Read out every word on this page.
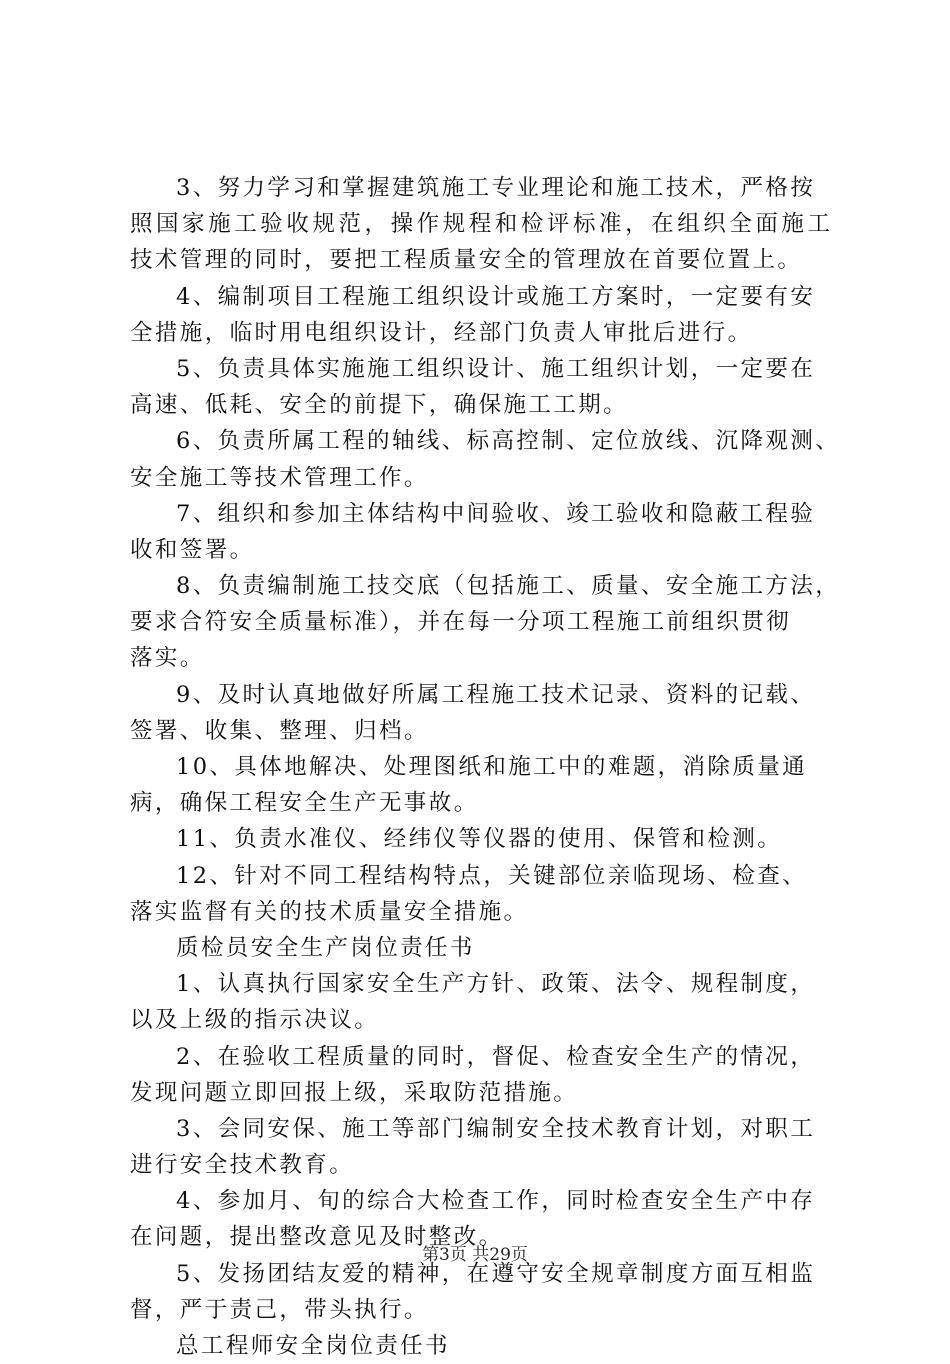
3、努力学习和掌握建筑施工专业理论和施工技术，严格按
照国家施工验收规范，操作规程和检评标准，在组织全面施工
技术管理的同时，要把工程质量安全的管理放在首要位置上。
4、编制项目工程施工组织设计或施工方案时，一定要有安
全措施，临时用电组织设计，经部门负责人审批后进行。
5、负责具体实施施工组织设计、施工组织计划，一定要在
高速、低耗、安全的前提下，确保施工工期。
6、负责所属工程的轴线、标高控制、定位放线、沉降观测、
安全施工等技术管理工作。
7、组织和参加主体结构中间验收、竣工验收和隐蔽工程验
收和签署。
8、负责编制施工技交底（包括施工、质量、安全施工方法，
要求合符安全质量标准），并在每一分项工程施工前组织贯彻
落实。
9、及时认真地做好所属工程施工技术记录、资料的记载、
签署、收集、整理、归档。
10、具体地解决、处理图纸和施工中的难题，消除质量通
病，确保工程安全生产无事故。
11、负责水准仪、经纬仪等仪器的使用、保管和检测。
12、针对不同工程结构特点，关键部位亲临现场、检查、
落实监督有关的技术质量安全措施。
质检员安全生产岗位责任书
1、认真执行国家安全生产方针、政策、法令、规程制度，
以及上级的指示决议。
2、在验收工程质量的同时，督促、检查安全生产的情况，
发现问题立即回报上级，采取防范措施。
3、会同安保、施工等部门编制安全技术教育计划，对职工
进行安全技术教育。
4、参加月、旬的综合大检查工作，同时检查安全生产中存
在问题，提出整改意见及时整改。
5、发扬团结友爱的精神，在遵守安全规章制度方面互相监
督，严于责己，带头执行。
总工程师安全岗位责任书
第3页 共29页
